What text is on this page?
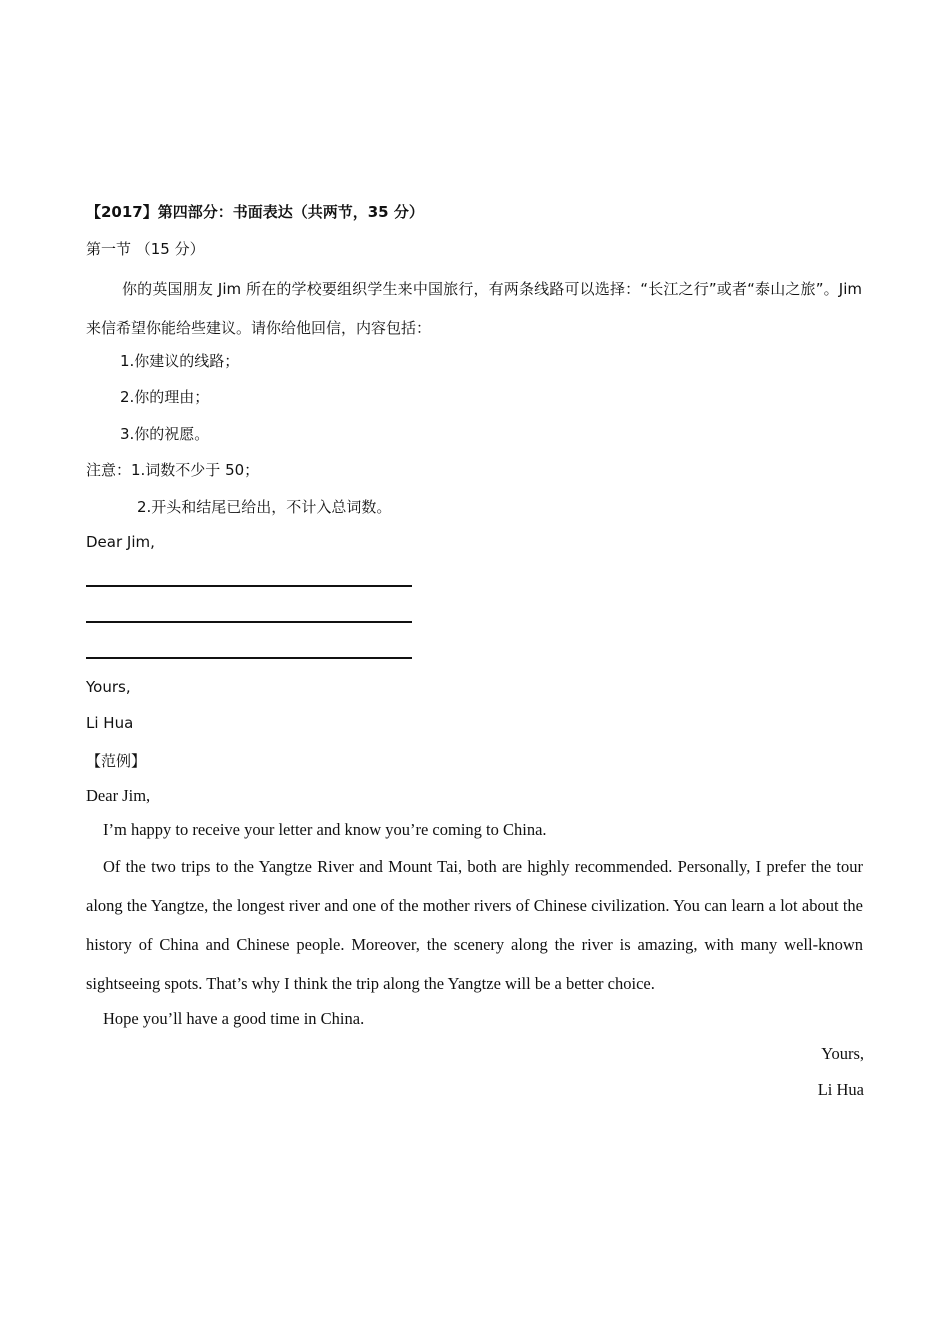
【2017】第四部分：书面表达（共两节，35 分）
第一节 （15 分）
你的英国朋友 Jim 所在的学校要组织学生来中国旅行，有两条线路可以选择：“长江之行”或者“泰山之旅”。Jim 来信希望你能给些建议。请你给他回信，内容包括：
1.你建议的线路；
2.你的理由；
3.你的祝愿。
注意：1.词数不少于 50；
2.开头和结尾已给出，不计入总词数。
Dear Jim,
Yours,
Li Hua
【范例】
Dear Jim,
I’m happy to receive your letter and know you’re coming to China.
Of the two trips to the Yangtze River and Mount Tai, both are highly recommended. Personally, I prefer the tour along the Yangtze, the longest river and one of the mother rivers of Chinese civilization. You can learn a lot about the history of China and Chinese people. Moreover, the scenery along the river is amazing, with many well-known sightseeing spots. That’s why I think the trip along the Yangtze will be a better choice.
Hope you’ll have a good time in China.
Yours,
Li Hua
